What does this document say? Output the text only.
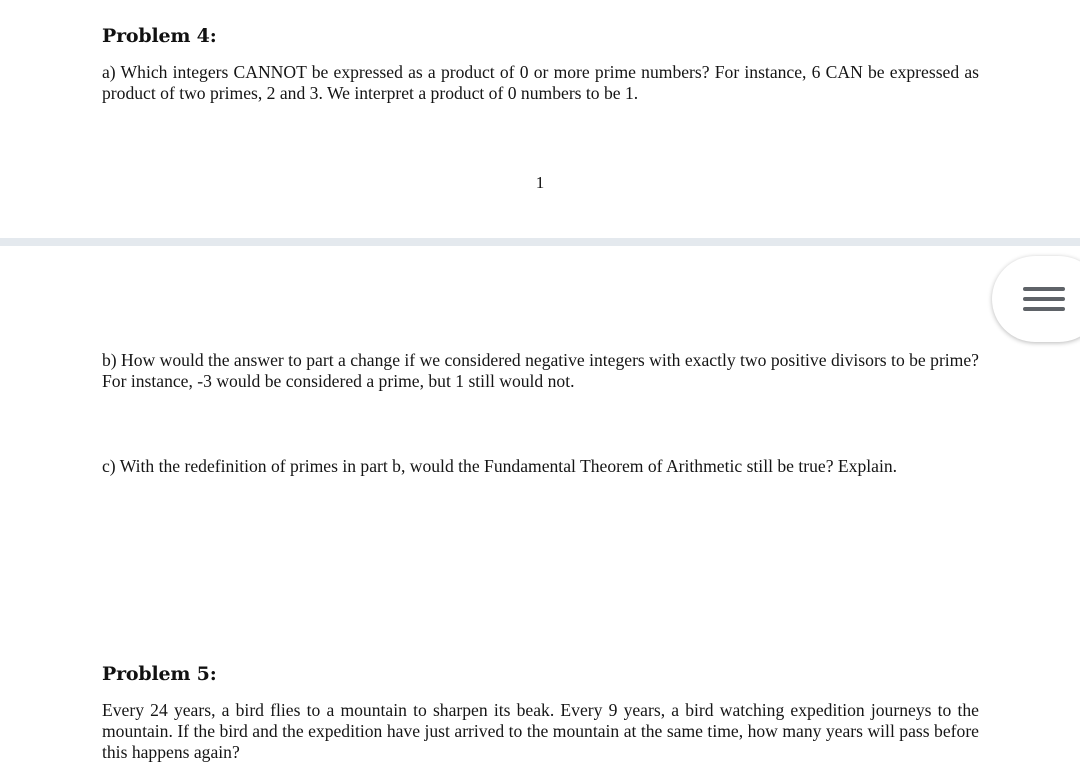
Problem 4:

a) Which integers CANNOT be expressed as a product of 0 or more prime numbers? For instance, 6 CAN be expressed as product of two primes, 2 and 3. We interpret a product of 0 numbers to be 1.

1

b) How would the answer to part a change if we considered negative integers with exactly two positive divisors to be prime? For instance, -3 would be considered a prime, but 1 still would not.

c) With the redefinition of primes in part b, would the Fundamental Theorem of Arithmetic still be true? Explain.

Problem 5:

Every 24 years, a bird flies to a mountain to sharpen its beak. Every 9 years, a bird watching expedition journeys to the mountain. If the bird and the expedition have just arrived to the mountain at the same time, how many years will pass before this happens again?
